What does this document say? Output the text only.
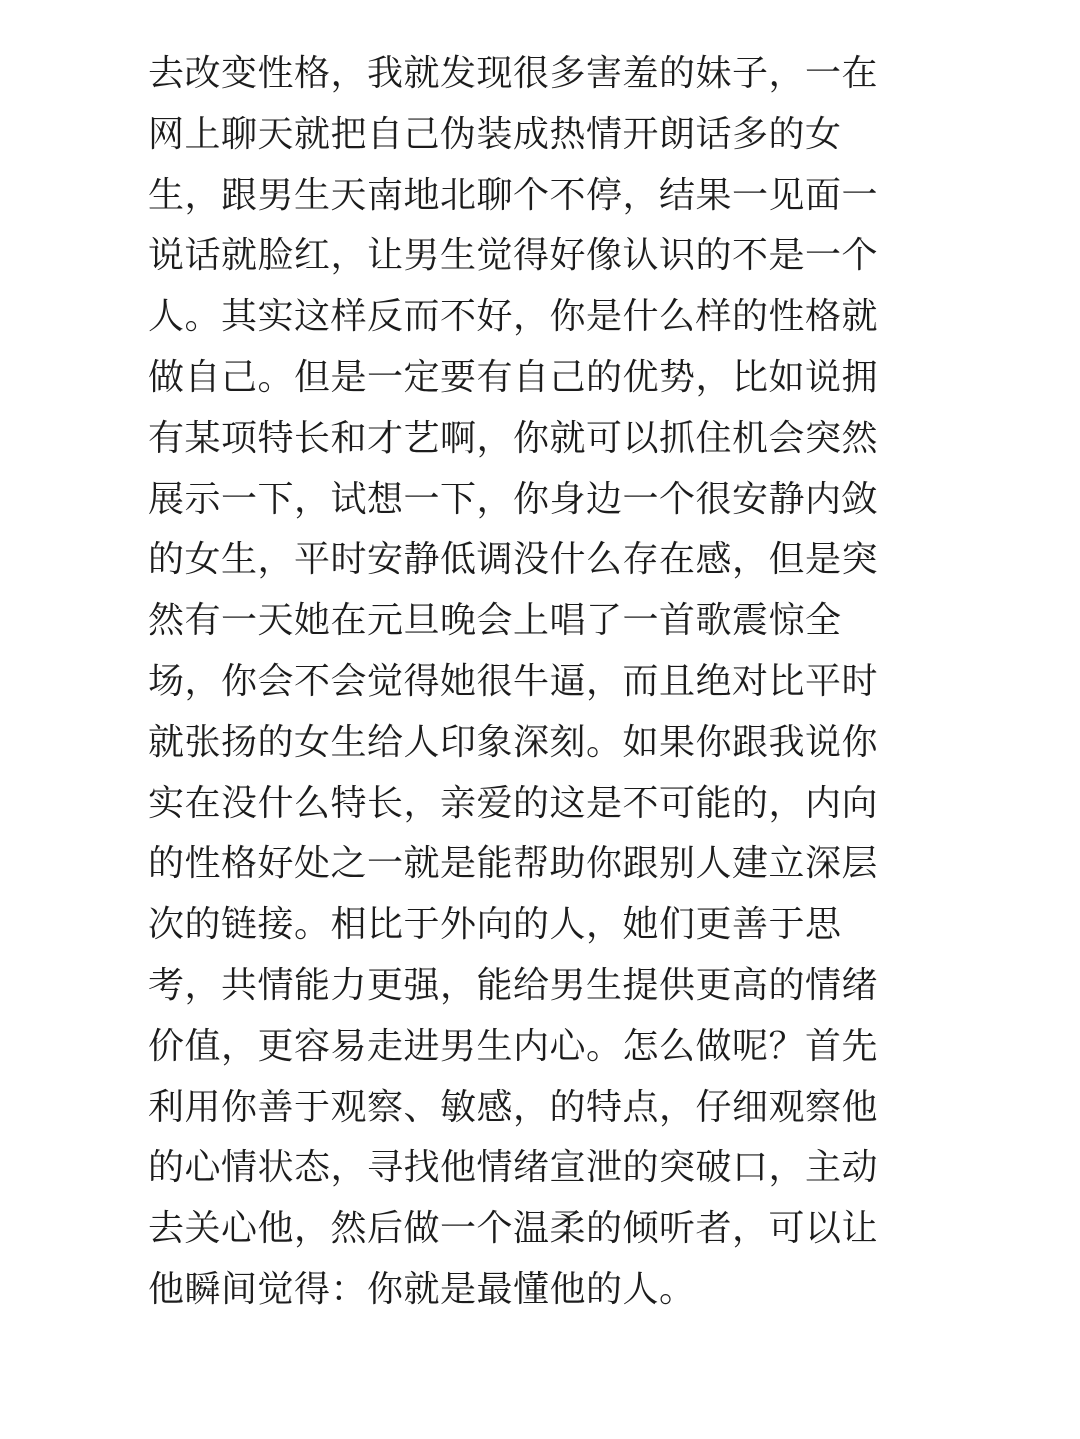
去改变性格，我就发现很多害羞的妹子，一在
网上聊天就把自己伪装成热情开朗话多的女
生，跟男生天南地北聊个不停，结果一见面一
说话就脸红，让男生觉得好像认识的不是一个
人。其实这样反而不好，你是什么样的性格就
做自己。但是一定要有自己的优势，比如说拥
有某项特长和才艺啊，你就可以抓住机会突然
展示一下，试想一下，你身边一个很安静内敛
的女生，平时安静低调没什么存在感，但是突
然有一天她在元旦晚会上唱了一首歌震惊全
场，你会不会觉得她很牛逼，而且绝对比平时
就张扬的女生给人印象深刻。如果你跟我说你
实在没什么特长，亲爱的这是不可能的，内向
的性格好处之一就是能帮助你跟别人建立深层
次的链接。相比于外向的人，她们更善于思
考，共情能力更强，能给男生提供更高的情绪
价值，更容易走进男生内心。怎么做呢？首先
利用你善于观察、敏感，的特点，仔细观察他
的心情状态，寻找他情绪宣泄的突破口，主动
去关心他，然后做一个温柔的倾听者，可以让
他瞬间觉得：你就是最懂他的人。
